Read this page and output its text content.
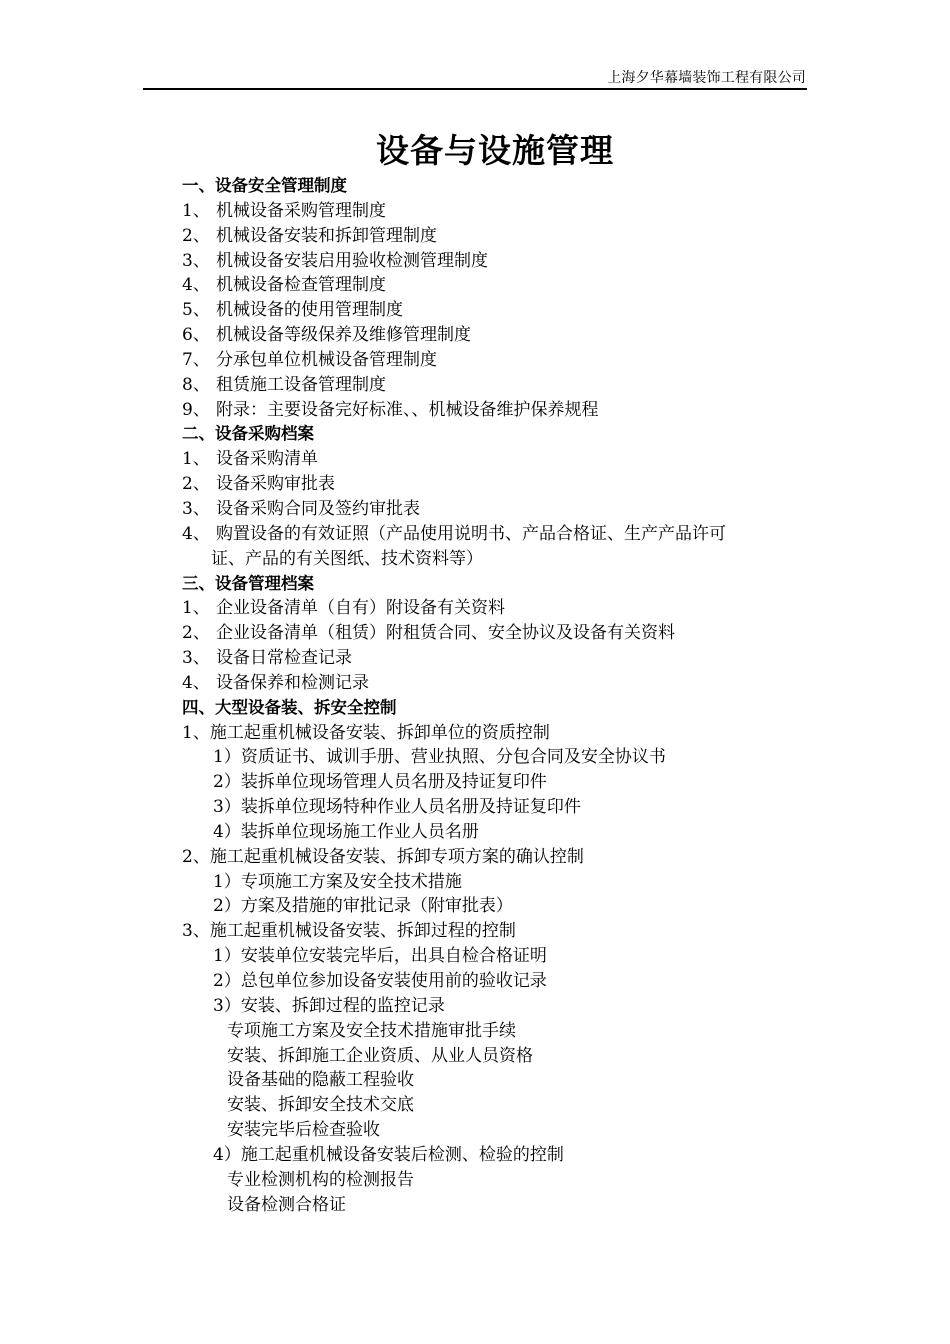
上海夕华幕墙装饰工程有限公司
设备与设施管理
一、设备安全管理制度
1、 机械设备采购管理制度
2、 机械设备安装和拆卸管理制度
3、 机械设备安装启用验收检测管理制度
4、 机械设备检查管理制度
5、 机械设备的使用管理制度
6、 机械设备等级保养及维修管理制度
7、 分承包单位机械设备管理制度
8、 租赁施工设备管理制度
9、 附录：主要设备完好标准、、机械设备维护保养规程
二、设备采购档案
1、 设备采购清单
2、 设备采购审批表
3、 设备采购合同及签约审批表
4、 购置设备的有效证照（产品使用说明书、产品合格证、生产产品许可
证、产品的有关图纸、技术资料等）
三、设备管理档案
1、 企业设备清单（自有）附设备有关资料
2、 企业设备清单（租赁）附租赁合同、安全协议及设备有关资料
3、 设备日常检查记录
4、 设备保养和检测记录
四、大型设备装、拆安全控制
1、施工起重机械设备安装、拆卸单位的资质控制
1）资质证书、诚训手册、营业执照、分包合同及安全协议书
2）装拆单位现场管理人员名册及持证复印件
3）装拆单位现场特种作业人员名册及持证复印件
4）装拆单位现场施工作业人员名册
2、施工起重机械设备安装、拆卸专项方案的确认控制
1）专项施工方案及安全技术措施
2）方案及措施的审批记录（附审批表）
3、施工起重机械设备安装、拆卸过程的控制
1）安装单位安装完毕后，出具自检合格证明
2）总包单位参加设备安装使用前的验收记录
3）安装、拆卸过程的监控记录
专项施工方案及安全技术措施审批手续
安装、拆卸施工企业资质、从业人员资格
设备基础的隐蔽工程验收
安装、拆卸安全技术交底
安装完毕后检查验收
4）施工起重机械设备安装后检测、检验的控制
专业检测机构的检测报告
设备检测合格证
